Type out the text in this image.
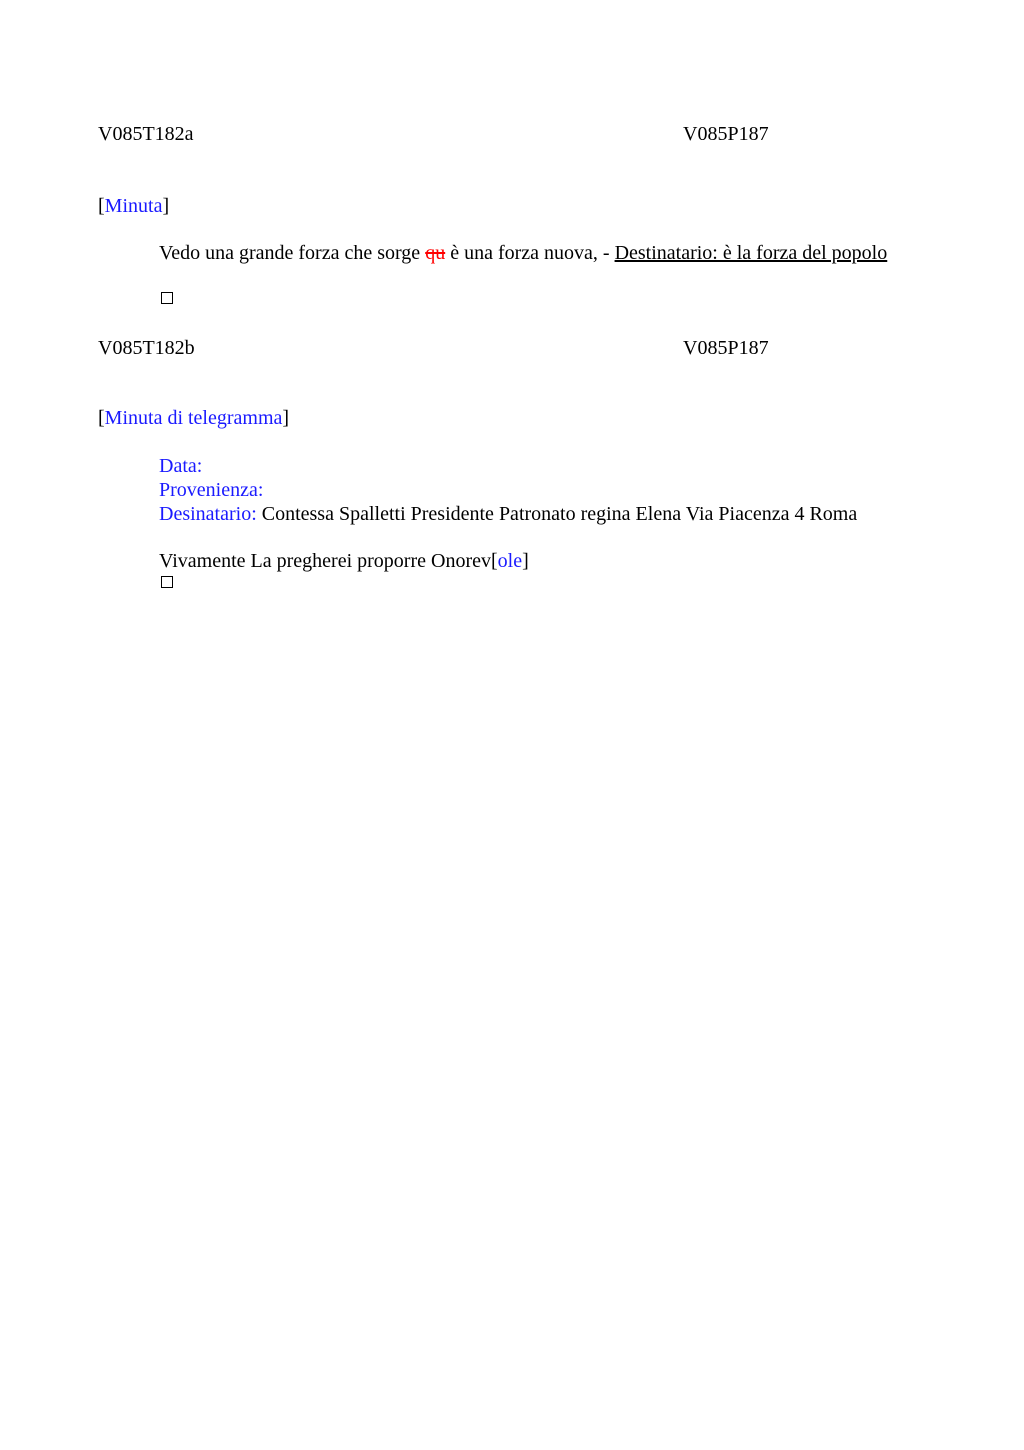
V085T182a	V085P187
[Minuta]
Vedo una grande forza che sorge qu è una forza nuova, - Destinatario: è la forza del popolo
V085T182b	V085P187
[Minuta di telegramma]
Data:
Provenienza:
Desinatario: Contessa Spalletti Presidente Patronato regina Elena Via Piacenza 4 Roma
Vivamente La pregherei proporre Onorev[ole]
